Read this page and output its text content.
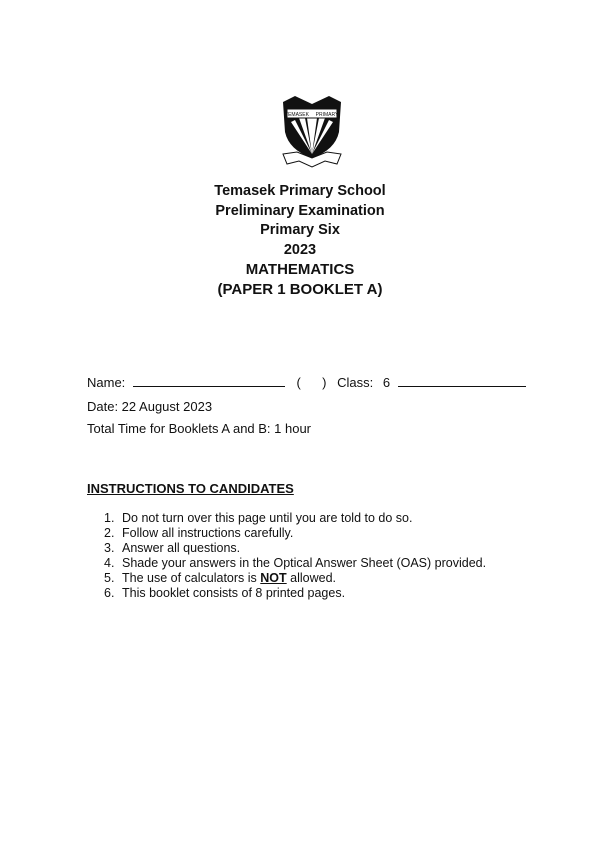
TEMASEK PRIMARY
Temasek Primary School
Preliminary Examination
Primary Six
2023
MATHEMATICS
(PAPER 1 BOOKLET A)
Name:	( ) Class: 6
Date: 22 August 2023
Total Time for Booklets A and B: 1 hour
INSTRUCTIONS TO CANDIDATES
1. Do not turn over this page until you are told to do so.
2. Follow all instructions carefully.
3. Answer all questions.
4. Shade your answers in the Optical Answer Sheet (OAS) provided.
5. The use of calculators is NOT allowed.
6. This booklet consists of 8 printed pages.
